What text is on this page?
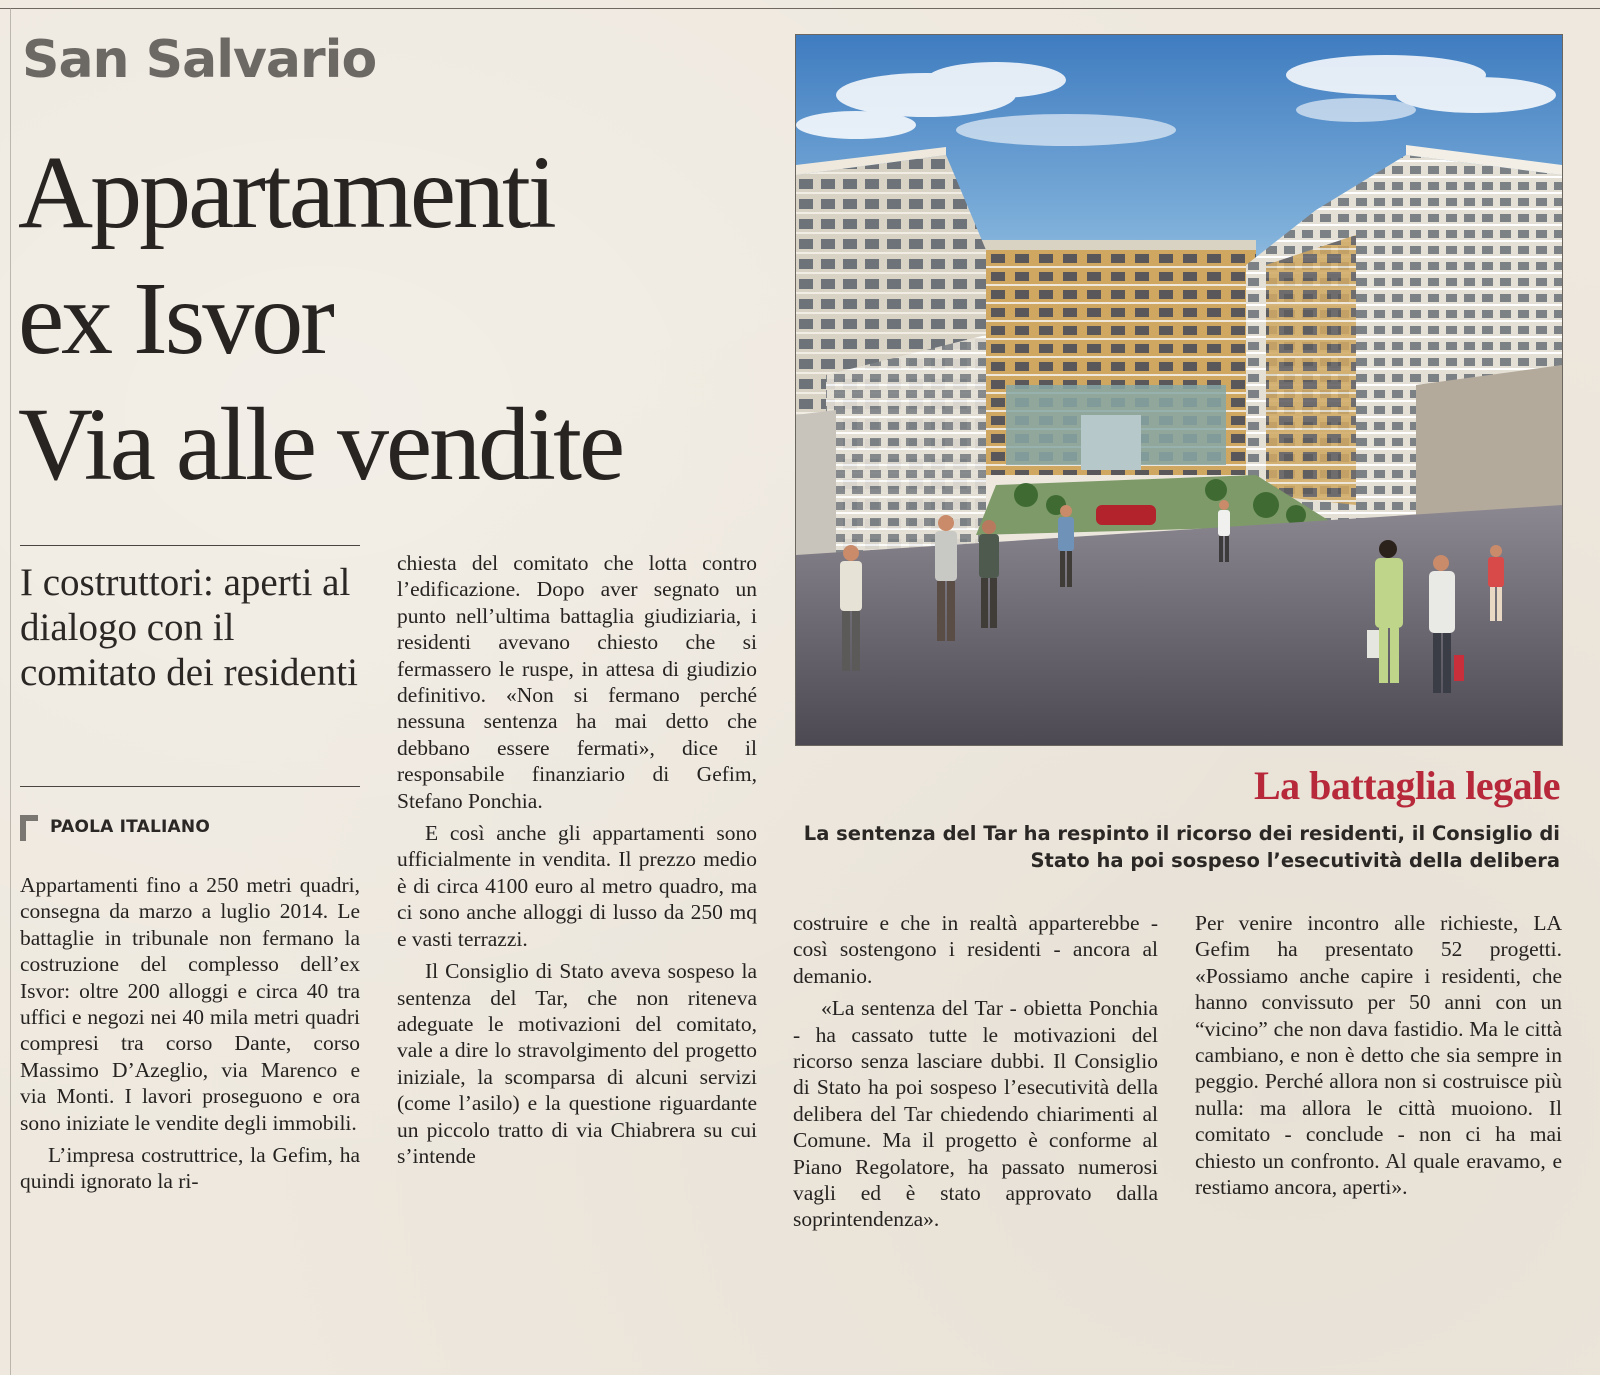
San Salvario
Appartamenti
ex Isvor
Via alle vendite
I costruttori: aperti al dialogo con il comitato dei residenti
PAOLA ITALIANO

Appartamenti fino a 250 metri quadri, consegna da marzo a luglio 2014. Le battaglie in tribunale non fermano la costruzione del complesso dell’ex Isvor: oltre 200 alloggi e circa 40 tra uffici e negozi nei 40 mila metri quadri compresi tra corso Dante, corso Massimo D’Azeglio, via Marenco e via Monti. I lavori proseguono e ora sono iniziate le vendite degli immobili.

L’impresa costruttrice, la Gefim, ha quindi ignorato la ri-

chiesta del comitato che lotta contro l’edificazione. Dopo aver segnato un punto nell’ultima battaglia giudiziaria, i residenti avevano chiesto che si fermassero le ruspe, in attesa di giudizio definitivo. «Non si fermano perché nessuna sentenza ha mai detto che debbano essere fermati», dice il responsabile finanziario di Gefim, Stefano Ponchia.

E così anche gli appartamenti sono ufficialmente in vendita. Il prezzo medio è di circa 4100 euro al metro quadro, ma ci sono anche alloggi di lusso da 250 mq e vasti terrazzi.

Il Consiglio di Stato aveva sospeso la sentenza del Tar, che non riteneva adeguate le motivazioni del comitato, vale a dire lo stravolgimento del progetto iniziale, la scomparsa di alcuni servizi (come l’asilo) e la questione riguardante un piccolo tratto di via Chiabrera su cui s’intende

costruire e che in realtà apparterebbe - così sostengono i residenti - ancora al demanio.

«La sentenza del Tar - obietta Ponchia - ha cassato tutte le motivazioni del ricorso senza lasciare dubbi. Il Consiglio di Stato ha poi sospeso l’esecutività della delibera del Tar chiedendo chiarimenti al Comune. Ma il progetto è conforme al Piano Regolatore, ha passato numerosi vagli ed è stato approvato dalla soprintendenza».

Per venire incontro alle richieste, LA Gefim ha presentato 52 progetti. «Possiamo anche capire i residenti, che hanno convissuto per 50 anni con un “vicino” che non dava fastidio. Ma le città cambiano, e non è detto che sia sempre in peggio. Perché allora non si costruisce più nulla: ma allora le città muoiono. Il comitato - conclude - non ci ha mai chiesto un confronto. Al quale eravamo, e restiamo ancora, aperti».

La battaglia legale
La sentenza del Tar ha respinto il ricorso dei residenti, il Consiglio di Stato ha poi sospeso l’esecutività della delibera
